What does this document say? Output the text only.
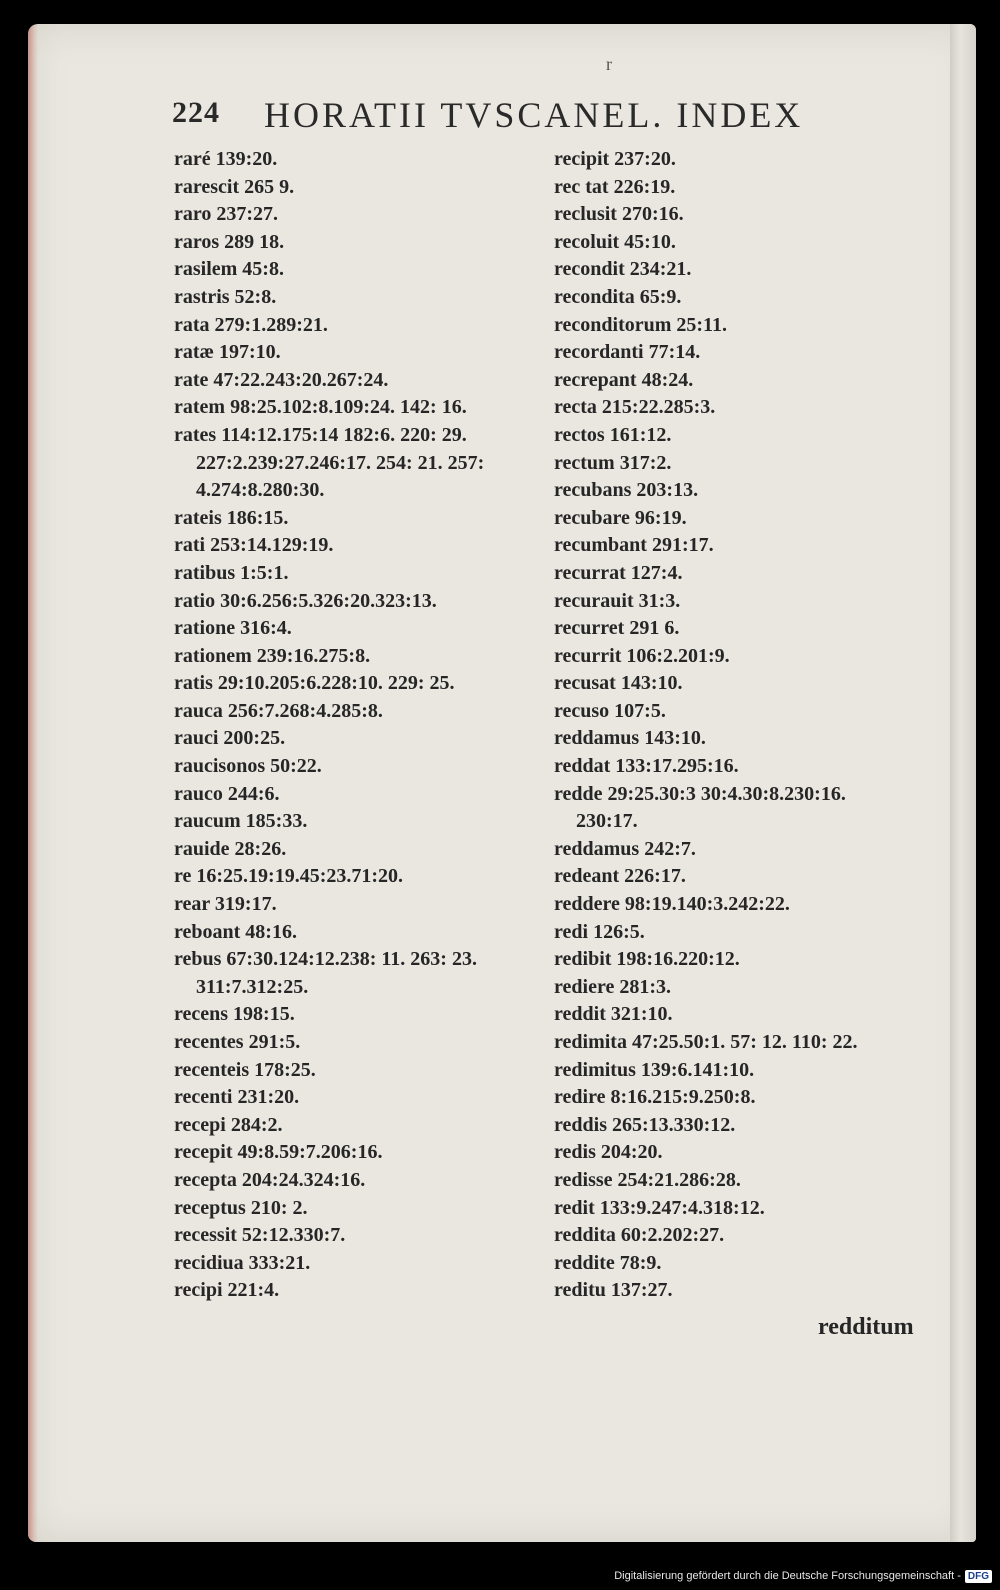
r
224 HORATII TVSCANEL. INDEX
raré 139:20.
rarescit 265 9.
raro 237:27.
raros 289 18.
rasilem 45:8.
rastris 52:8.
rata 279:1.289:21.
ratæ 197:10.
rate 47:22.243:20.267:24.
ratem 98:25.102:8.109:24. 142: 16.
rates 114:12.175:14 182:6. 220: 29.
227:2.239:27.246:17. 254: 21. 257:
4.274:8.280:30.
rateis 186:15.
rati 253:14.129:19.
ratibus 1:5:1.
ratio 30:6.256:5.326:20.323:13.
ratione 316:4.
rationem 239:16.275:8.
ratis 29:10.205:6.228:10. 229: 25.
rauca 256:7.268:4.285:8.
rauci 200:25.
raucisonos 50:22.
rauco 244:6.
raucum 185:33.
rauide 28:26.
re 16:25.19:19.45:23.71:20.
rear 319:17.
reboant 48:16.
rebus 67:30.124:12.238: 11. 263: 23.
311:7.312:25.
recens 198:15.
recentes 291:5.
recenteis 178:25.
recenti 231:20.
recepi 284:2.
recepit 49:8.59:7.206:16.
recepta 204:24.324:16.
receptus 210: 2.
recessit 52:12.330:7.
recidiua 333:21.
recipi 221:4.
recipit 237:20.
rec tat 226:19.
reclusit 270:16.
recoluit 45:10.
recondit 234:21.
recondita 65:9.
reconditorum 25:11.
recordanti 77:14.
recrepant 48:24.
recta 215:22.285:3.
rectos 161:12.
rectum 317:2.
recubans 203:13.
recubare 96:19.
recumbant 291:17.
recurrat 127:4.
recurauit 31:3.
recurret 291 6.
recurrit 106:2.201:9.
recusat 143:10.
recuso 107:5.
reddamus 143:10.
reddat 133:17.295:16.
redde 29:25.30:3 30:4.30:8.230:16.
230:17.
reddamus 242:7.
redeant 226:17.
reddere 98:19.140:3.242:22.
redi 126:5.
redibit 198:16.220:12.
rediere 281:3.
reddit 321:10.
redimita 47:25.50:1. 57: 12. 110: 22.
redimitus 139:6.141:10.
redire 8:16.215:9.250:8.
reddis 265:13.330:12.
redis 204:20.
redisse 254:21.286:28.
redit 133:9.247:4.318:12.
reddita 60:2.202:27.
reddite 78:9.
reditu 137:27.
redditum
Digitalisierung gefördert durch die Deutsche Forschungsgemeinschaft - DFG
